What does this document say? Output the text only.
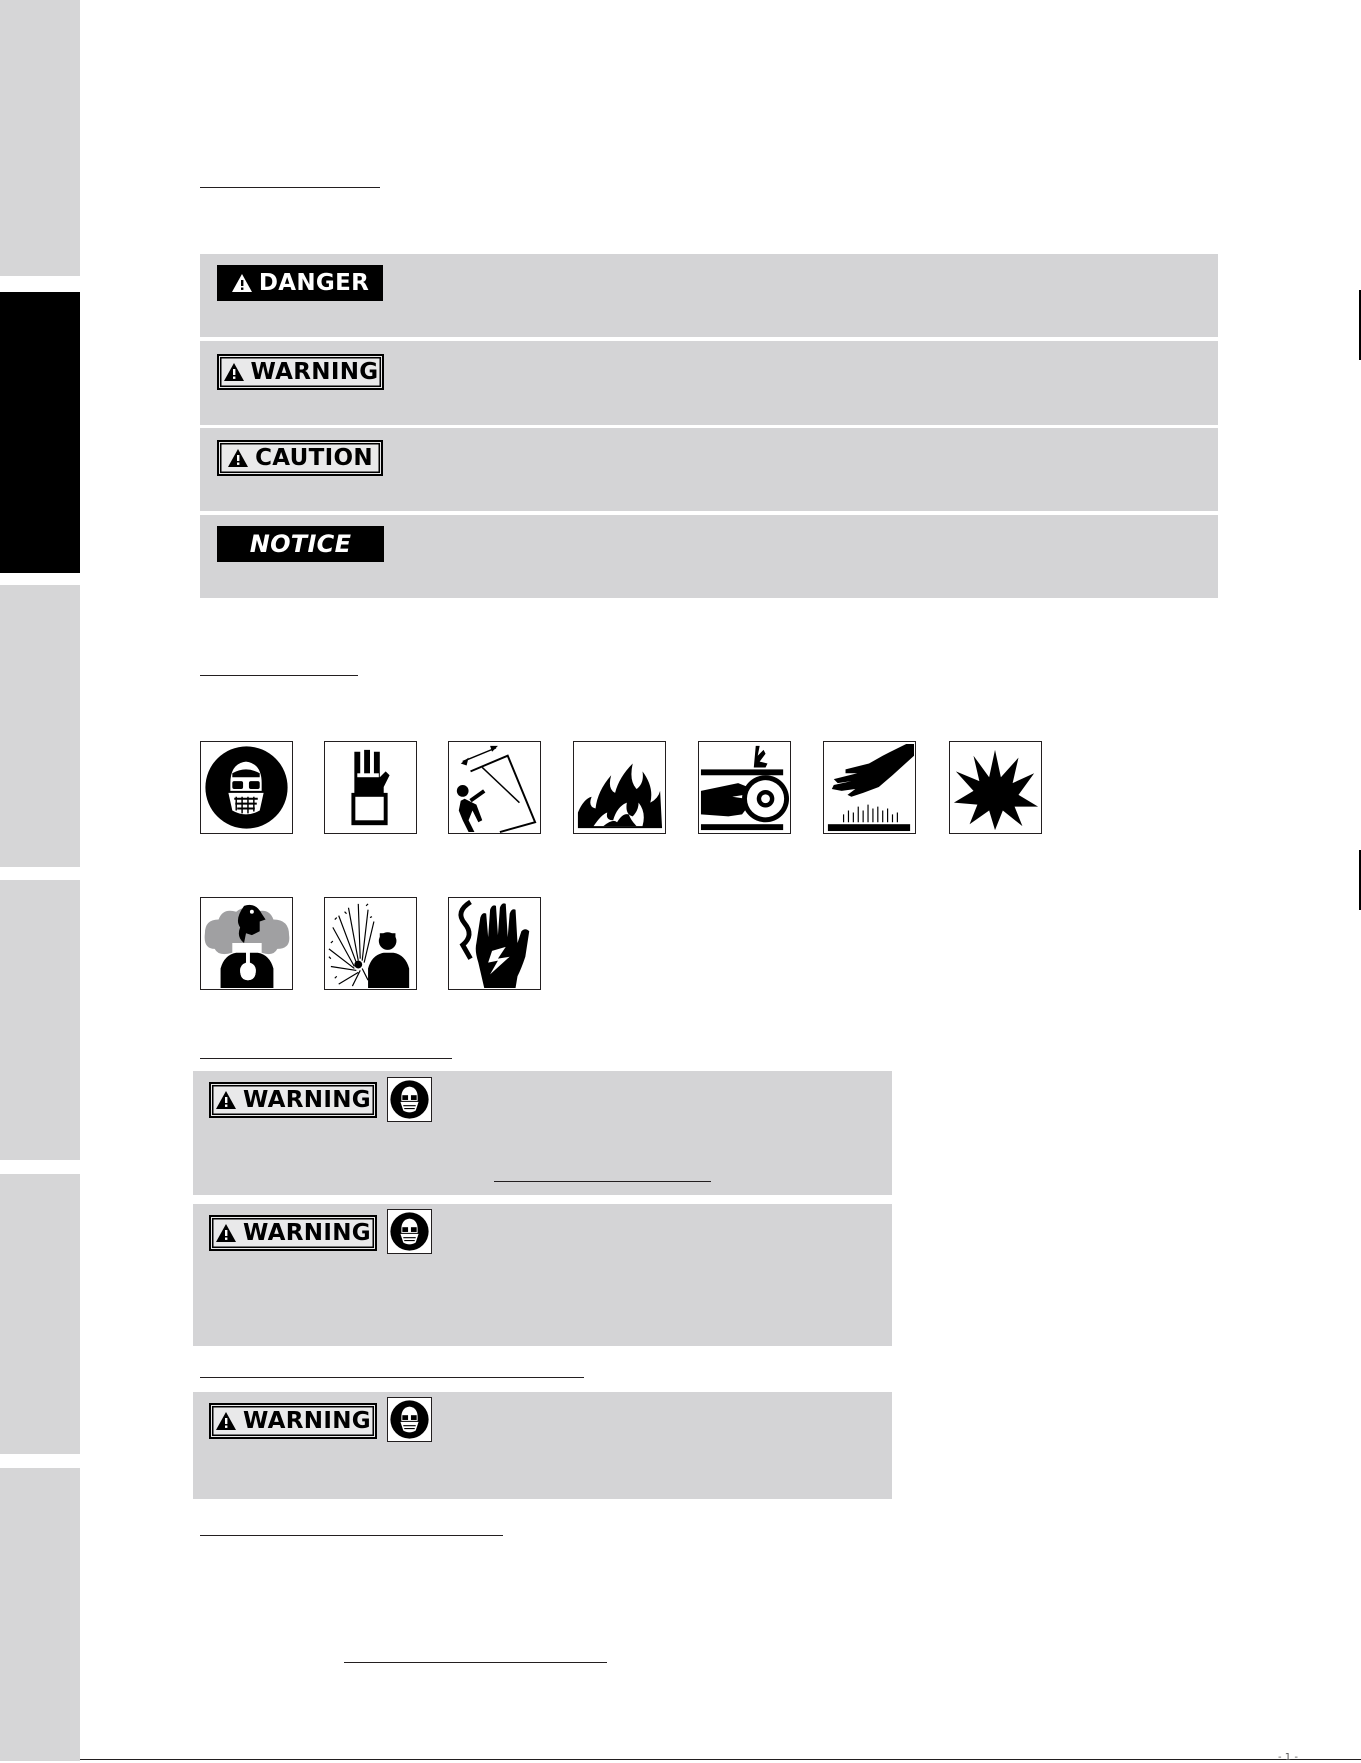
DANGER
WARNING
CAUTION
NOTICE
WARNING
WARNING
WARNING
- 1 -
